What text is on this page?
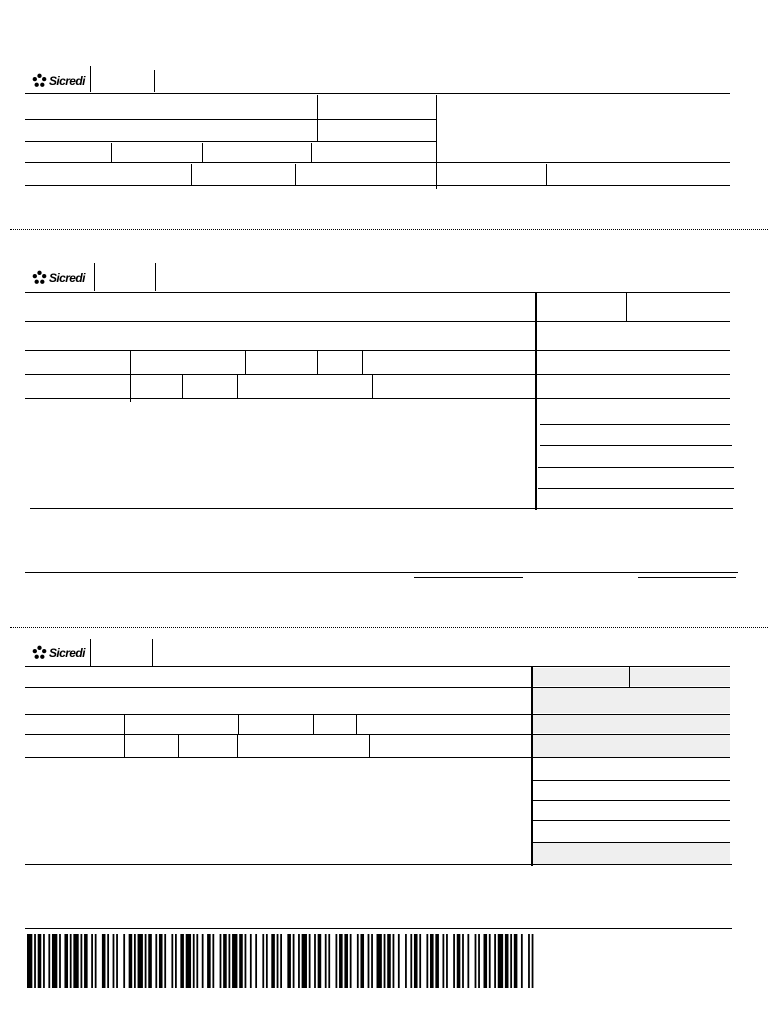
Sicredi
Sicredi
Sicredi
